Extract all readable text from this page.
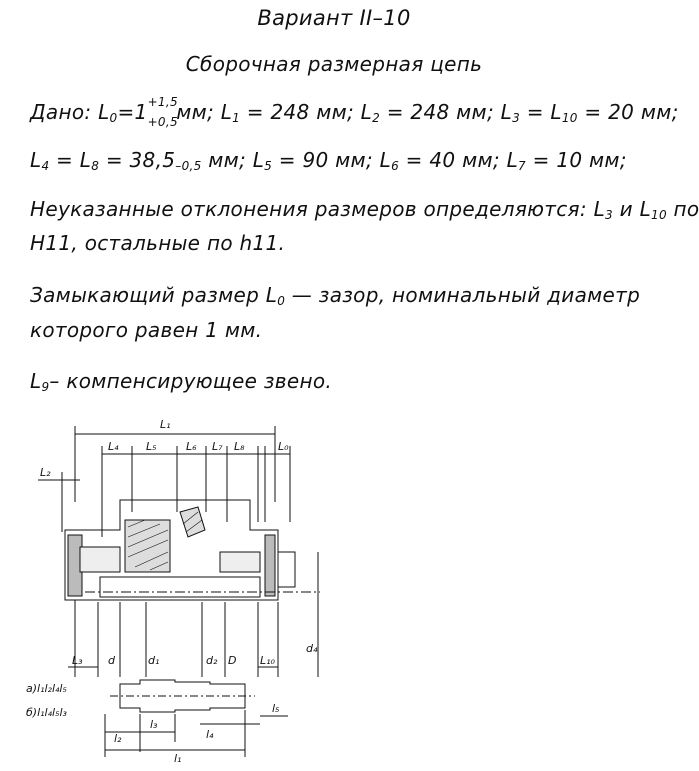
Вариант II–10
Сборочная размерная цепь
Дано: $L_0=1 +1,5$
+0,5
мм; $L_1 = 248$ мм; $L_2 = 248$ мм; $L_3 = L_{10} = 20$ мм;
$L_4 = L_8 = 38,5_{-0,5}$ мм; $L_5 = 90$ мм; $L_6 = 40$ мм; $L_7 = 10$ мм;
Неуказанные отклонения размеров определяются: $L_3$ и $L_{10}$ по
H11, остальные по h11.
Замыкающий размер $L_0$ — зазор, номинальный диаметр
которого равен 1 мм.
$L_9-$ компенсирующее звено.
L₁
L₄ L₅	L₆ L₇ L₈	L₀
L₂
L₃ d	d₁	d₂ D L₁₀
d₄
а)l₁l₂l₄l₅
б)l₁l₄l₅l₃
l₂
l₃
l₄
l₅
l₁
